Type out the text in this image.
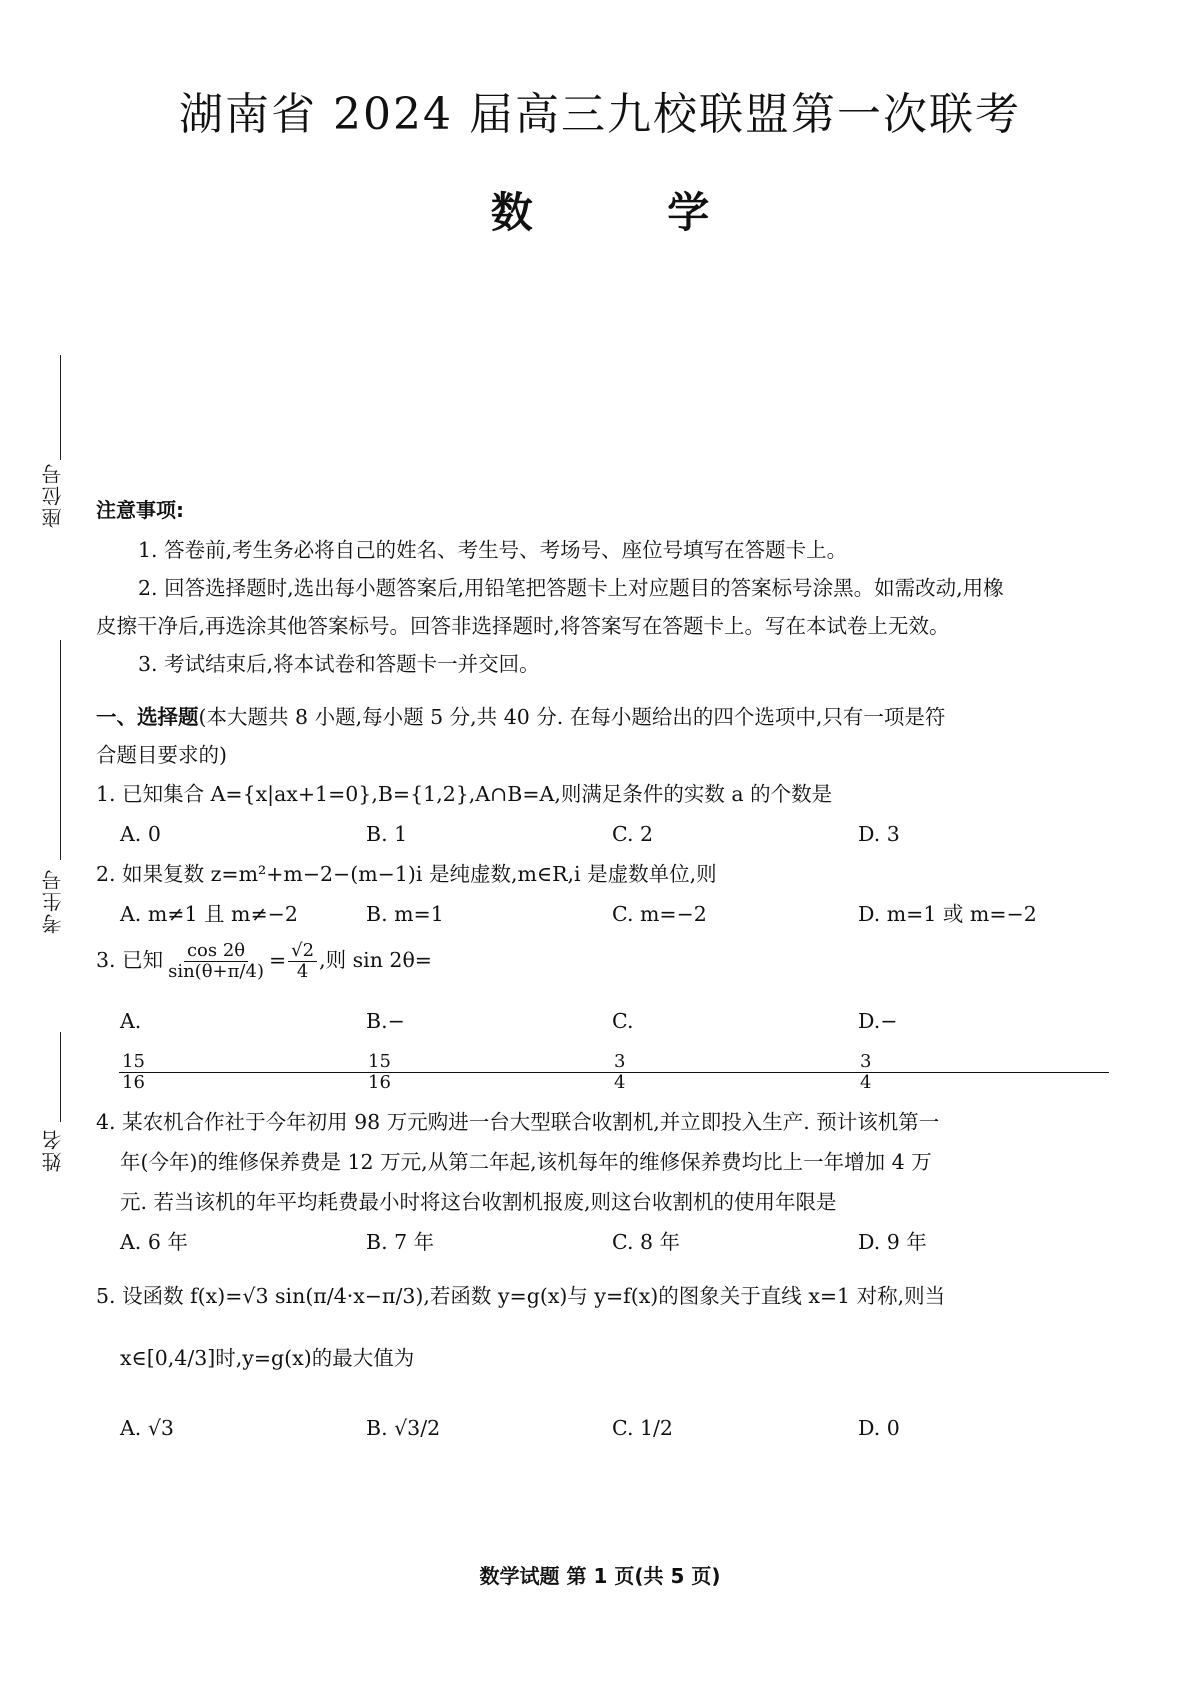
湖南省 2024 届高三九校联盟第一次联考
数 学
座位号
考生号
姓名
注意事项:
1. 答卷前,考生务必将自己的姓名、考生号、考场号、座位号填写在答题卡上。
2. 回答选择题时,选出每小题答案后,用铅笔把答题卡上对应题目的答案标号涂黑。如需改动,用橡
皮擦干净后,再选涂其他答案标号。回答非选择题时,将答案写在答题卡上。写在本试卷上无效。
3. 考试结束后,将本试卷和答题卡一并交回。
一、选择题(本大题共 8 小题,每小题 5 分,共 40 分. 在每小题给出的四个选项中,只有一项是符
合题目要求的)
1. 已知集合 A={x|ax+1=0},B={1,2},A∩B=A,则满足条件的实数 a 的个数是
A. 0	B. 1	C. 2	D. 3
2. 如果复数 z=m²+m−2−(m−1)i 是纯虚数,m∈R,i 是虚数单位,则
A. m≠1 且 m≠−2	B. m=1	C. m=−2	D. m=1 或 m=−2
3. 已知 $\frac{\cos 2\theta}{\sin(\theta+\pi/4)} = \frac{√2}{4}$ ,则 sin 2θ=
A.
$\frac{15}{16}$
B.−
$\frac{15}{16}$
C.
$\frac{3}{4}$
D.−
$\frac{3}{4}$
4. 某农机合作社于今年初用 98 万元购进一台大型联合收割机,并立即投入生产. 预计该机第一
年(今年)的维修保养费是 12 万元,从第二年起,该机每年的维修保养费均比上一年增加 4 万
元. 若当该机的年平均耗费最小时将这台收割机报废,则这台收割机的使用年限是
A. 6 年	B. 7 年	C. 8 年	D. 9 年
5. 设函数 f(x)=√3 sin(π/4·x−π/3),若函数 y=g(x)与 y=f(x)的图象关于直线 x=1 对称,则当
x∈[0,4/3]时,y=g(x)的最大值为
A. √3	B. √3/2	C. 1/2	D. 0
数学试题 第 1 页(共 5 页)
